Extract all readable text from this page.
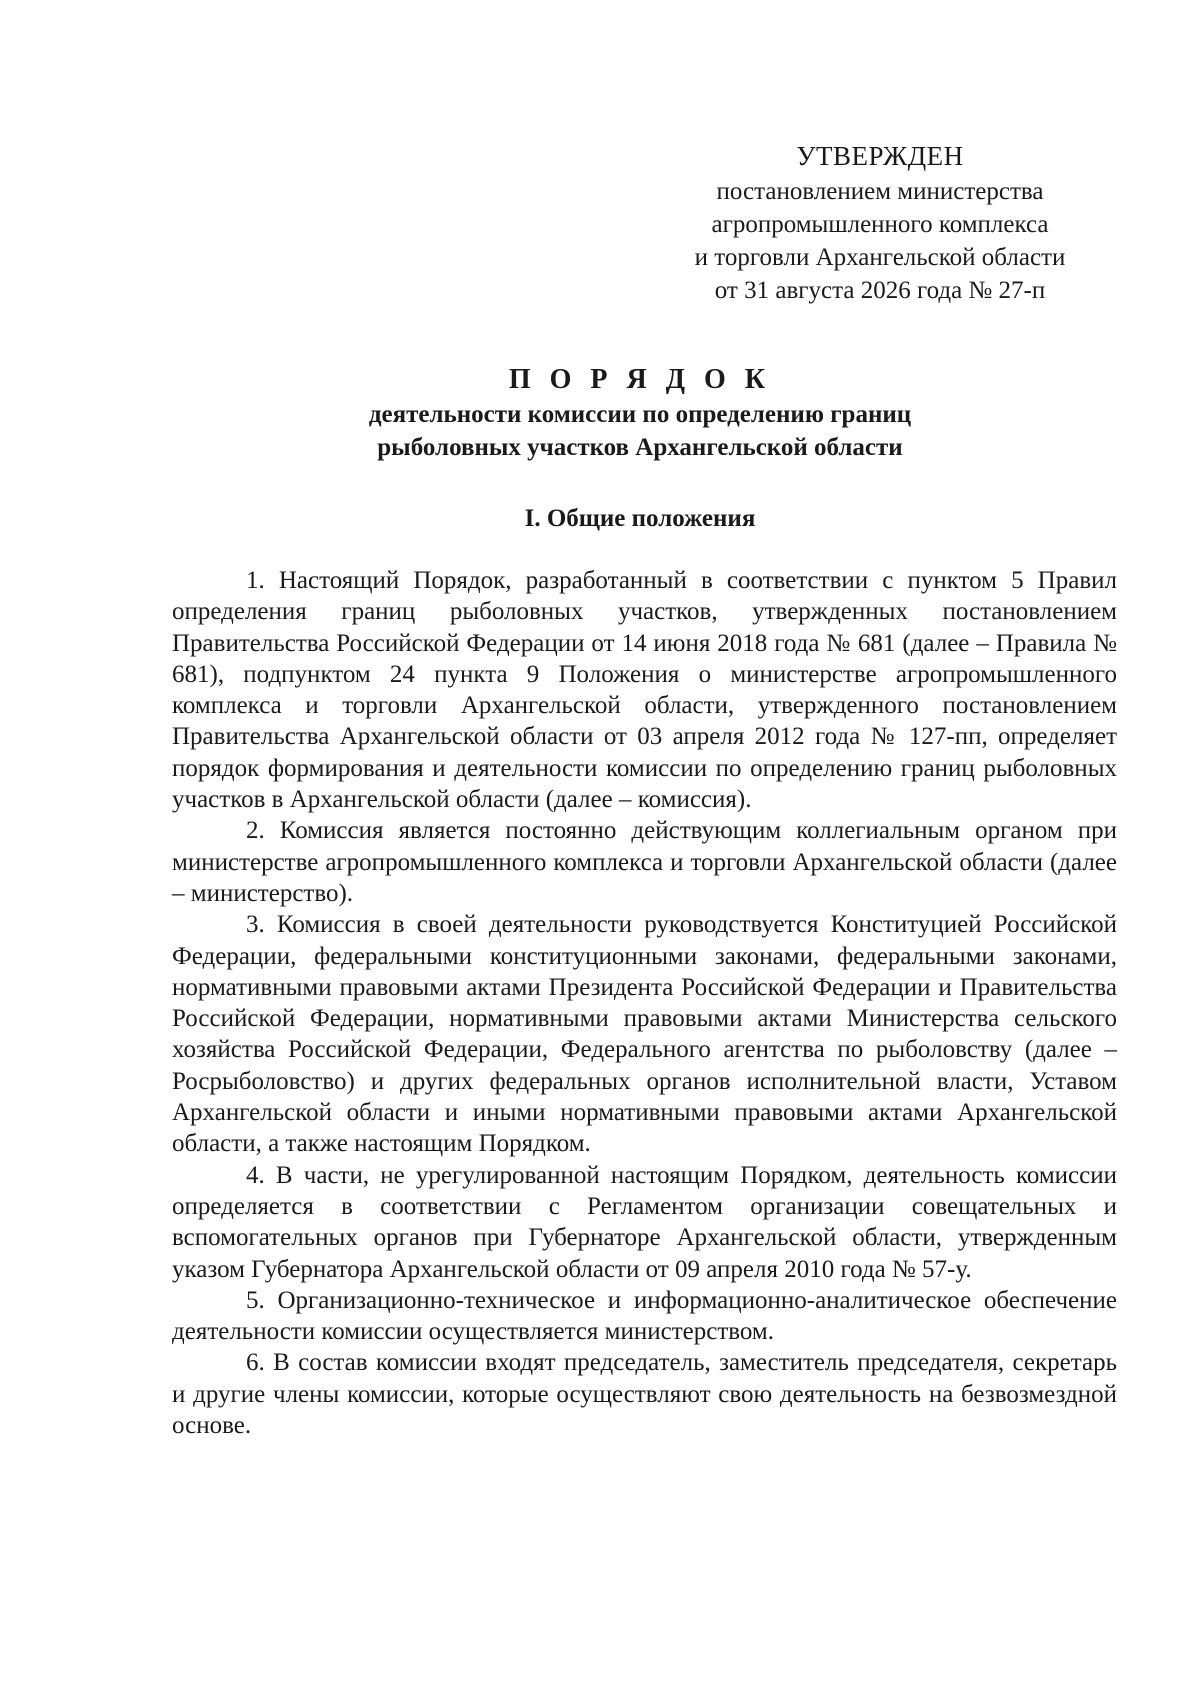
УТВЕРЖДЕН
постановлением министерства
агропромышленного комплекса
и торговли Архангельской области
от 31 августа 2026 года № 27-п
П О Р Я Д О К
деятельности комиссии по определению границ
рыболовных участков Архангельской области
I. Общие положения

1. Настоящий Порядок, разработанный в соответствии с пунктом 5 Правил определения границ рыболовных участков, утвержденных постановлением Правительства Российской Федерации от 14 июня 2018 года № 681 (далее – Правила № 681), подпунктом 24 пункта 9 Положения о министерстве агропромышленного комплекса и торговли Архангельской области, утвержденного постановлением Правительства Архангельской области от 03 апреля 2012 года № 127-пп, определяет порядок формирования и деятельности комиссии по определению границ рыболовных участков в Архангельской области (далее – комиссия).

2. Комиссия является постоянно действующим коллегиальным органом при министерстве агропромышленного комплекса и торговли Архангельской области (далее – министерство).

3. Комиссия в своей деятельности руководствуется Конституцией Российской Федерации, федеральными конституционными законами, федеральными законами, нормативными правовыми актами Президента Российской Федерации и Правительства Российской Федерации, нормативными правовыми актами Министерства сельского хозяйства Российской Федерации, Федерального агентства по рыболовству (далее – Росрыболовство) и других федеральных органов исполнительной власти, Уставом Архангельской области и иными нормативными правовыми актами Архангельской области, а также настоящим Порядком.

4. В части, не урегулированной настоящим Порядком, деятельность комиссии определяется в соответствии с Регламентом организации совещательных и вспомогательных органов при Губернаторе Архангельской области, утвержденным указом Губернатора Архангельской области от 09 апреля 2010 года № 57-у.

5. Организационно-техническое и информационно-аналитическое обеспечение деятельности комиссии осуществляется министерством.

6. В состав комиссии входят председатель, заместитель председателя, секретарь и другие члены комиссии, которые осуществляют свою деятельность на безвозмездной основе.
